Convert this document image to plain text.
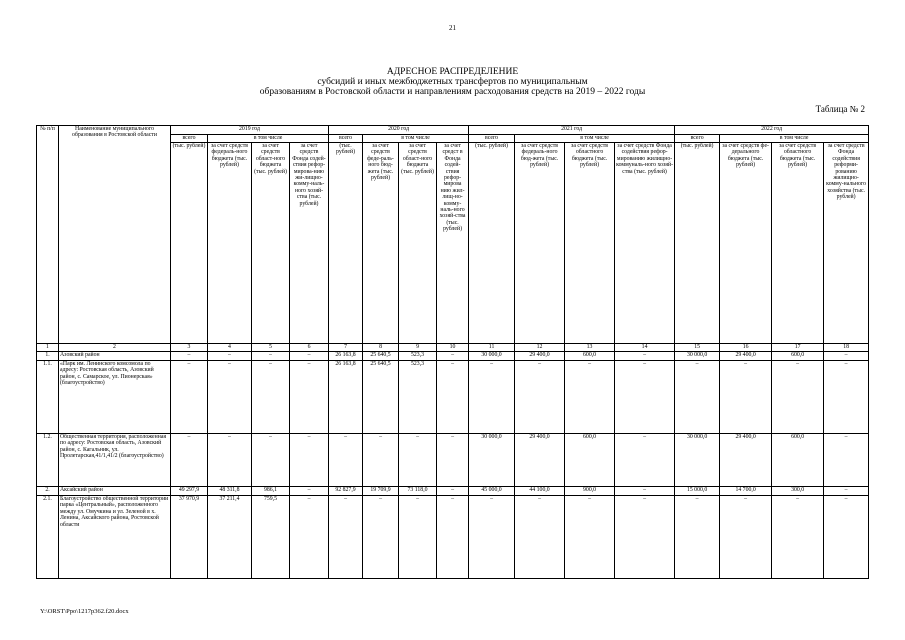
21
АДРЕСНОЕ РАСПРЕДЕЛЕНИЕ
субсидий и иных межбюджетных трансфертов по муниципальным
образованиям в Ростовской области и направлениям расходования средств на 2019 – 2022 годы
Таблица № 2
№ п/п	Наименование муниципального образования в Ростовской области	2019 год				2020 год				2021 год				2022 год			
		всего	в том числе			всего	в том числе			всего	в том числе			всего	в том числе		
		(тыс. рублей)	за счет средств федераль-ного бюджета (тыс. рублей)	за счет средств област-ного бюджета (тыс. рублей)	за счет средств Фонда содей-ствия рефор-мирова-нию жи-лищно-комму-наль-ного хозяй-ства (тыс. рублей)	(тыс. рублей)	за счет средств феде-раль-ного бюд-жета (тыс. рублей)	за счет средств област-ного бюджета (тыс. рублей)	за счет средст в Фонда содей-ствия рефор-мирова нию жил-лищ-но-комму-наль-ного хозяй-ства (тыс. рублей)	(тыс. рублей)	за счет средств федераль-ного бюд-жета (тыс. рублей)	за счет средств областного бюджета (тыс. рублей)	за счет средств Фонда содействия рефор-мированию жилищно-коммуналь-ного хозяй-ства (тыс. рублей)	(тыс. рублей)	за счет средств фе-дерального бюджета (тыс. рублей)	за счет средств областного бюджета (тыс. рублей)	за счет средств Фонда содействия реформи-рованию жилищно-комму-нального хозяйства (тыс. рублей)
1	2	3	4	5	6	7	8	9	10	11	12	13	14	15	16	17	18
1.	Азовский район	–	–	–	–	26 163,8	25 640,5	523,3	–	30 000,0	29 400,0	600,0	–	30 000,0	29 400,0	600,0	–
1.1.	«Парк им. Ленинского комсомола по адресу: Ростовская область, Азовский район, с. Самарское, ул. Пионерская» (благоустройство)	–	–	–	–	26 163,8	25 640,5	523,3	–	–	–	–	–	–	–	–	–
1.2.	Общественная территория, расположенная по адресу: Ростовская область, Азовский район, с. Кагальник, ул. Пролетарская,41/1,41/2 (благоустройство)	–	–	–	–	–	–	–	–	30 000,0	29 400,0	600,0	–	30 000,0	29 400,0	600,0	–
2.	Аксайский район	49 297,9	48 311,8	986,1	–	92 827,9	19 709,9	73 118,0	–	45 000,0	44 100,0	900,0	–	15 000,0	14 700,0	300,0	–
2.1.	Благоустройство общественной территории парка «Центральный», расположенного между ул. Омучкина и ул. Зеленой в х. Ленина, Аксайского района, Ростовской области	37 970,9	37 211,4	759,5	–	–	–	–	–	–	–	–	–	–	–	–	–
Y:\ORST\Ppo\1217p362.f20.docx
